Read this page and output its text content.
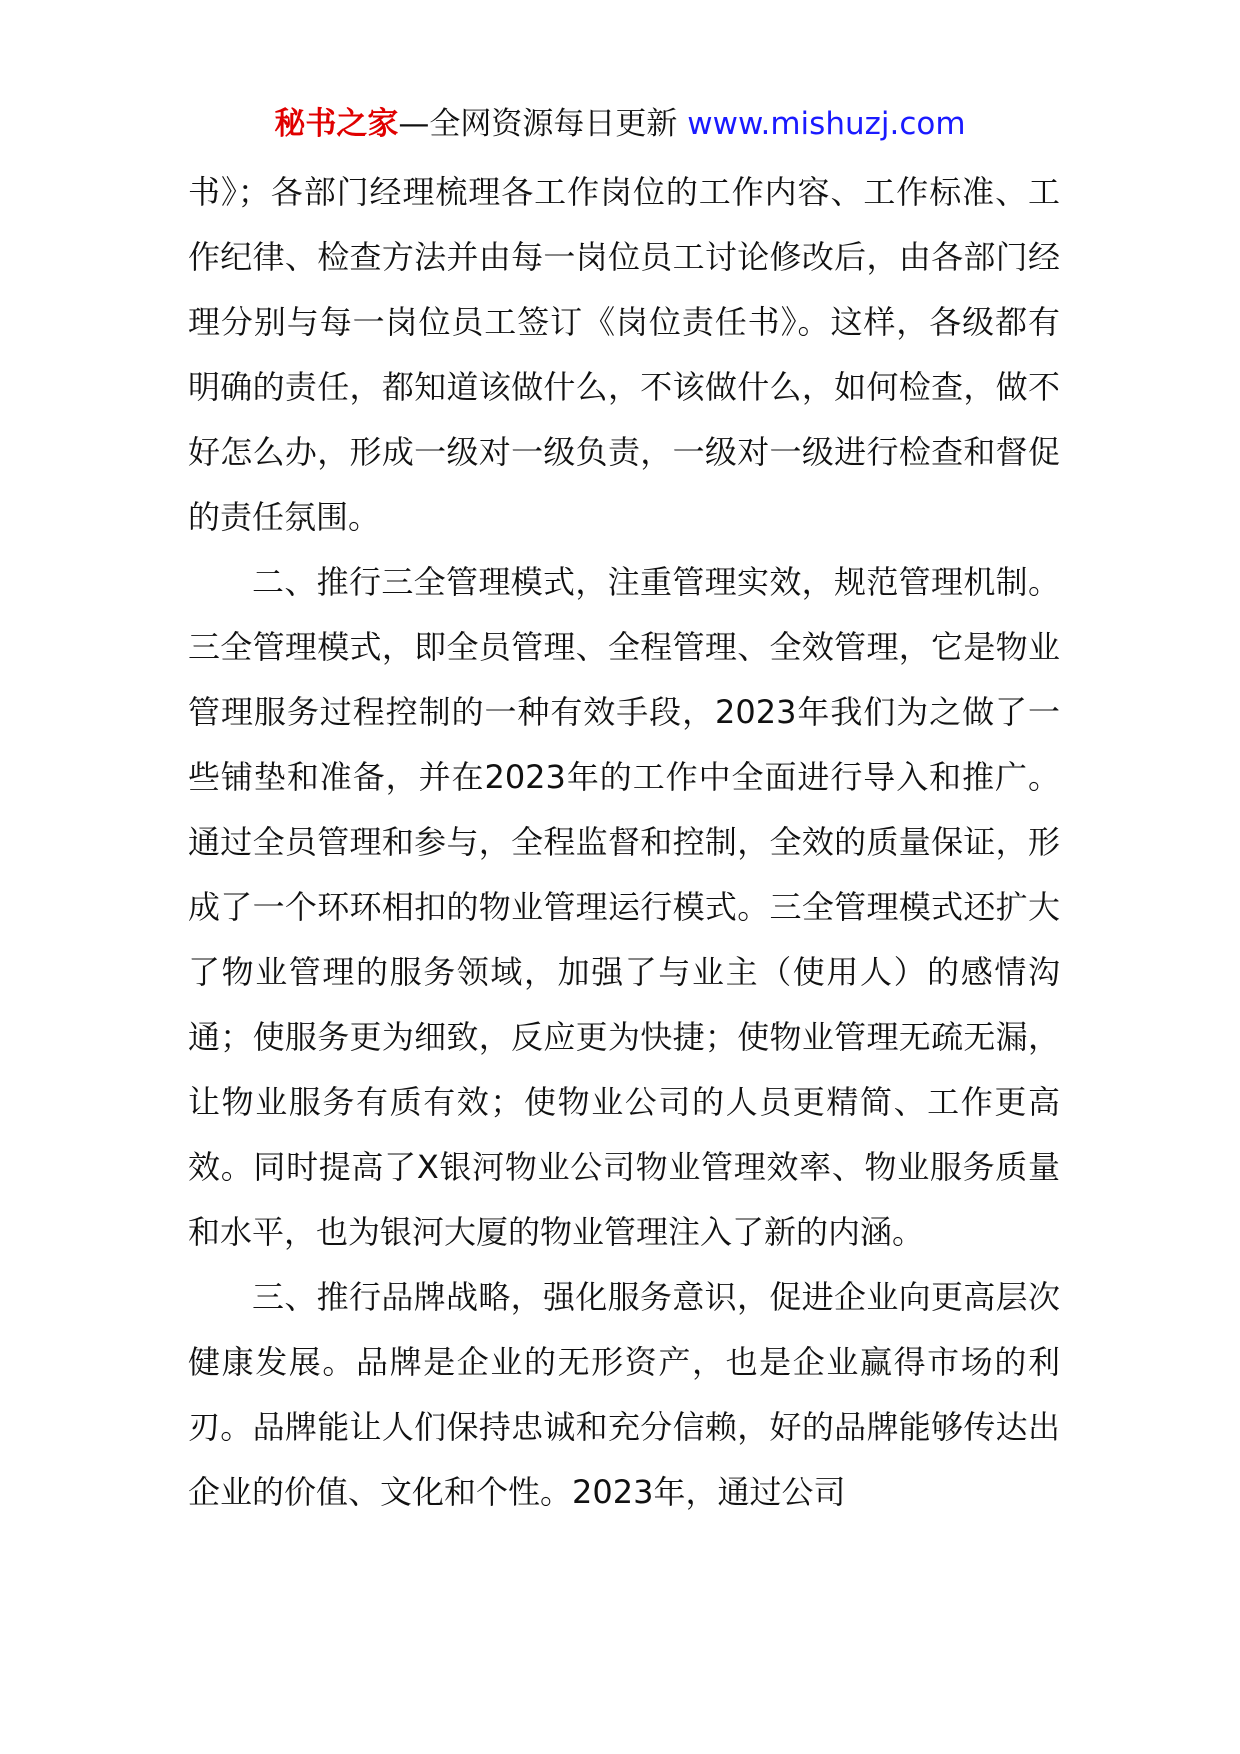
秘书之家—全网资源每日更新 www.mishuzj.com

书》；各部门经理梳理各工作岗位的工作内容、工作标准、工作纪律、检查方法并由每一岗位员工讨论修改后，由各部门经理分别与每一岗位员工签订《岗位责任书》。这样，各级都有明确的责任，都知道该做什么，不该做什么，如何检查，做不好怎么办，形成一级对一级负责，一级对一级进行检查和督促的责任氛围。

二、推行三全管理模式，注重管理实效，规范管理机制。三全管理模式，即全员管理、全程管理、全效管理，它是物业管理服务过程控制的一种有效手段，2023年我们为之做了一些铺垫和准备，并在2023年的工作中全面进行导入和推广。通过全员管理和参与，全程监督和控制，全效的质量保证，形成了一个环环相扣的物业管理运行模式。三全管理模式还扩大了物业管理的服务领域，加强了与业主（使用人）的感情沟通；使服务更为细致，反应更为快捷；使物业管理无疏无漏，让物业服务有质有效；使物业公司的人员更精简、工作更高效。同时提高了X银河物业公司物业管理效率、物业服务质量和水平，也为银河大厦的物业管理注入了新的内涵。

三、推行品牌战略，强化服务意识，促进企业向更高层次健康发展。品牌是企业的无形资产，也是企业赢得市场的利刃。品牌能让人们保持忠诚和充分信赖，好的品牌能够传达出企业的价值、文化和个性。2023年，通过公司
